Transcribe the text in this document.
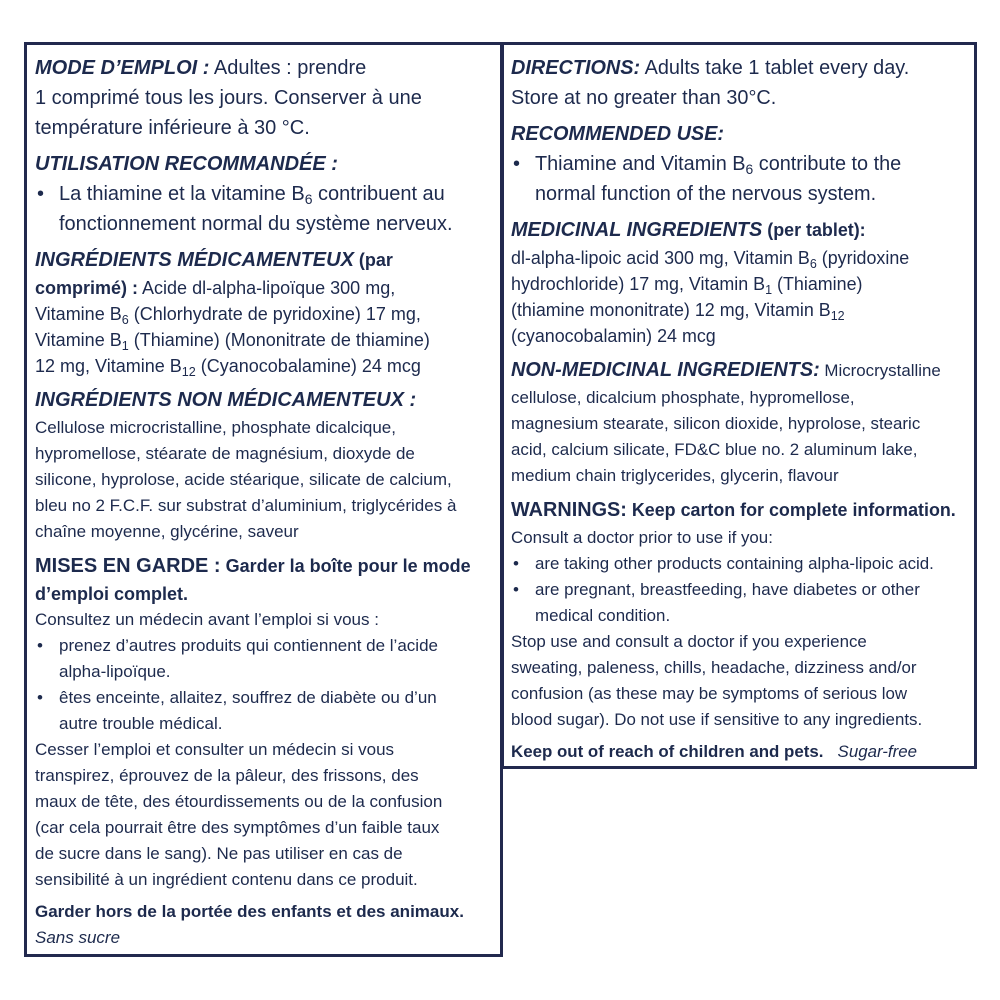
MODE D’EMPLOI : Adultes : prendre
1 comprimé tous les jours. Conserver à une
température inférieure à 30 °C.
UTILISATION RECOMMANDÉE :
• La thiamine et la vitamine $B_6$ contribuent au
fonctionnement normal du système nerveux.
INGRÉDIENTS MÉDICAMENTEUX (par
comprimé) : Acide dl-alpha-lipoïque 300 mg,
Vitamine $B_6$ (Chlorhydrate de pyridoxine) 17 mg,
Vitamine $B_1$ (Thiamine) (Mononitrate de thiamine)
12 mg, Vitamine $B_{12}$ (Cyanocobalamine) 24 mcg
INGRÉDIENTS NON MÉDICAMENTEUX :
Cellulose microcristalline, phosphate dicalcique,
hypromellose, stéarate de magnésium, dioxyde de
silicone, hyprolose, acide stéarique, silicate de calcium,
bleu no 2 F.C.F. sur substrat d’aluminium, triglycérides à
chaîne moyenne, glycérine, saveur
MISES EN GARDE : Garder la boîte pour le mode
d’emploi complet.
Consultez un médecin avant l’emploi si vous :
• prenez d’autres produits qui contiennent de l’acide
alpha-lipoïque.
• êtes enceinte, allaitez, souffrez de diabète ou d’un
autre trouble médical.
Cesser l’emploi et consulter un médecin si vous
transpirez, éprouvez de la pâleur, des frissons, des
maux de tête, des étourdissements ou de la confusion
(car cela pourrait être des symptômes d’un faible taux
de sucre dans le sang). Ne pas utiliser en cas de
sensibilité à un ingrédient contenu dans ce produit.
Garder hors de la portée des enfants et des animaux.
Sans sucre
DIRECTIONS: Adults take 1 tablet every day.
Store at no greater than 30°C.
RECOMMENDED USE:
• Thiamine and Vitamin $B_6$ contribute to the
normal function of the nervous system.
MEDICINAL INGREDIENTS (per tablet):
dl-alpha-lipoic acid 300 mg, Vitamin $B_6$ (pyridoxine
hydrochloride) 17 mg, Vitamin $B_1$ (Thiamine)
(thiamine mononitrate) 12 mg, Vitamin $B_{12}$
(cyanocobalamin) 24 mcg
NON-MEDICINAL INGREDIENTS: Microcrystalline
cellulose, dicalcium phosphate, hypromellose,
magnesium stearate, silicon dioxide, hyprolose, stearic
acid, calcium silicate, FD&C blue no. 2 aluminum lake,
medium chain triglycerides, glycerin, flavour
WARNINGS: Keep carton for complete information.
Consult a doctor prior to use if you:
• are taking other products containing alpha-lipoic acid.
• are pregnant, breastfeeding, have diabetes or other
medical condition.
Stop use and consult a doctor if you experience
sweating, paleness, chills, headache, dizziness and/or
confusion (as these may be symptoms of serious low
blood sugar). Do not use if sensitive to any ingredients.
Keep out of reach of children and pets. Sugar-free
